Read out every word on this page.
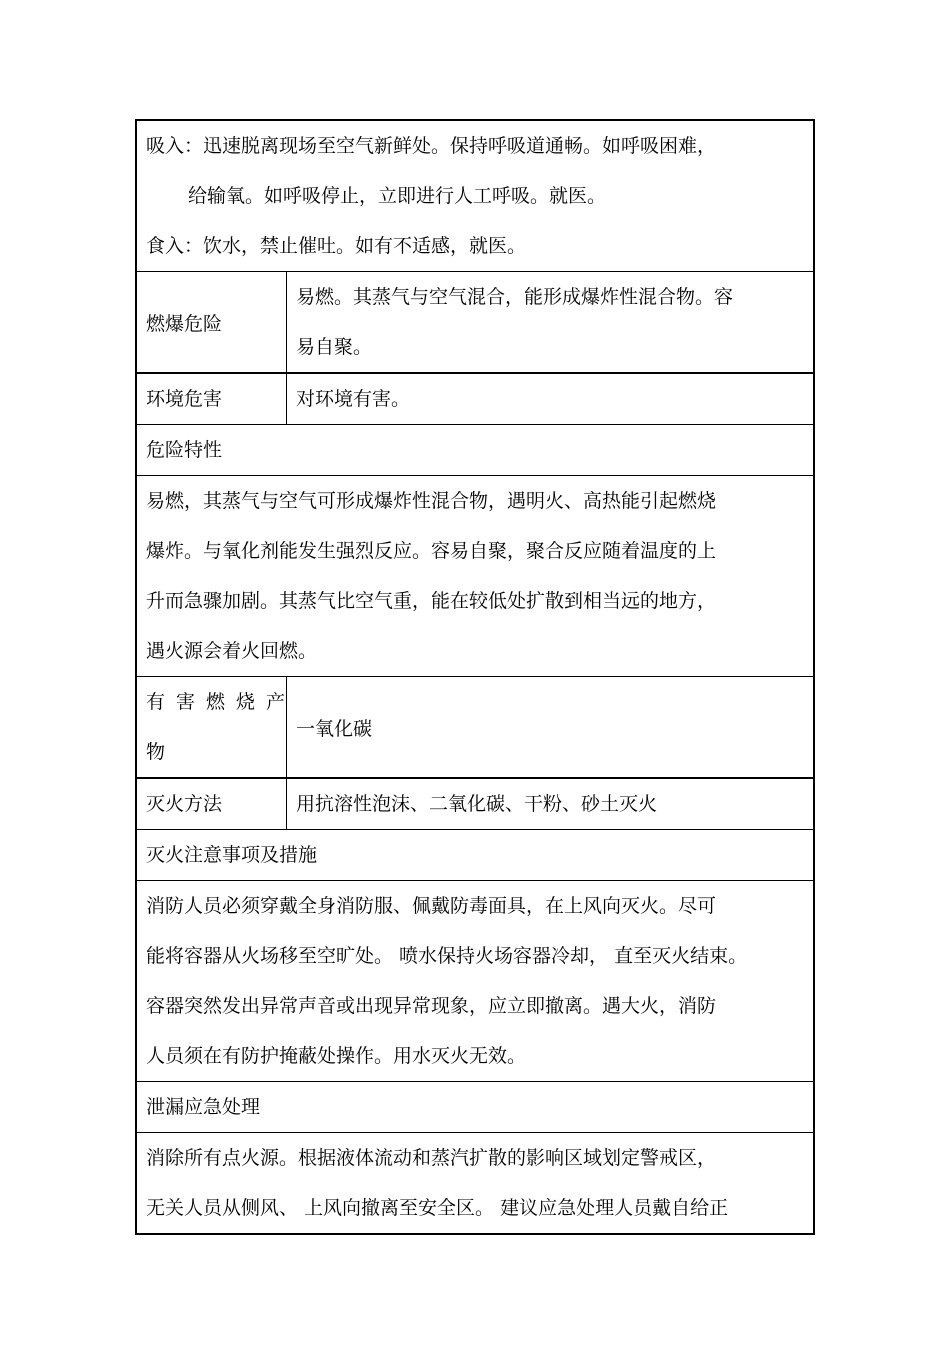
吸入：迅速脱离现场至空气新鲜处。保持呼吸道通畅。如呼吸困难，
给输氧。如呼吸停止，立即进行人工呼吸。就医。
食入：饮水，禁止催吐。如有不适感，就医。
燃爆危险
易燃。其蒸气与空气混合，能形成爆炸性混合物。容
易自聚。
环境危害	对环境有害。
危险特性
易燃，其蒸气与空气可形成爆炸性混合物，遇明火、高热能引起燃烧
爆炸。与氧化剂能发生强烈反应。容易自聚，聚合反应随着温度的上
升而急骤加剧。其蒸气比空气重，能在较低处扩散到相当远的地方，
遇火源会着火回燃。
有害燃烧产
物
一氧化碳
灭火方法	用抗溶性泡沫、二氧化碳、干粉、砂土灭火
灭火注意事项及措施
消防人员必须穿戴全身消防服、佩戴防毒面具，在上风向灭火。尽可
能将容器从火场移至空旷处。 喷水保持火场容器冷却， 直至灭火结束。
容器突然发出异常声音或出现异常现象，应立即撤离。遇大火，消防
人员须在有防护掩蔽处操作。用水灭火无效。
泄漏应急处理
消除所有点火源。根据液体流动和蒸汽扩散的影响区域划定警戒区，
无关人员从侧风、 上风向撤离至安全区。 建议应急处理人员戴自给正
